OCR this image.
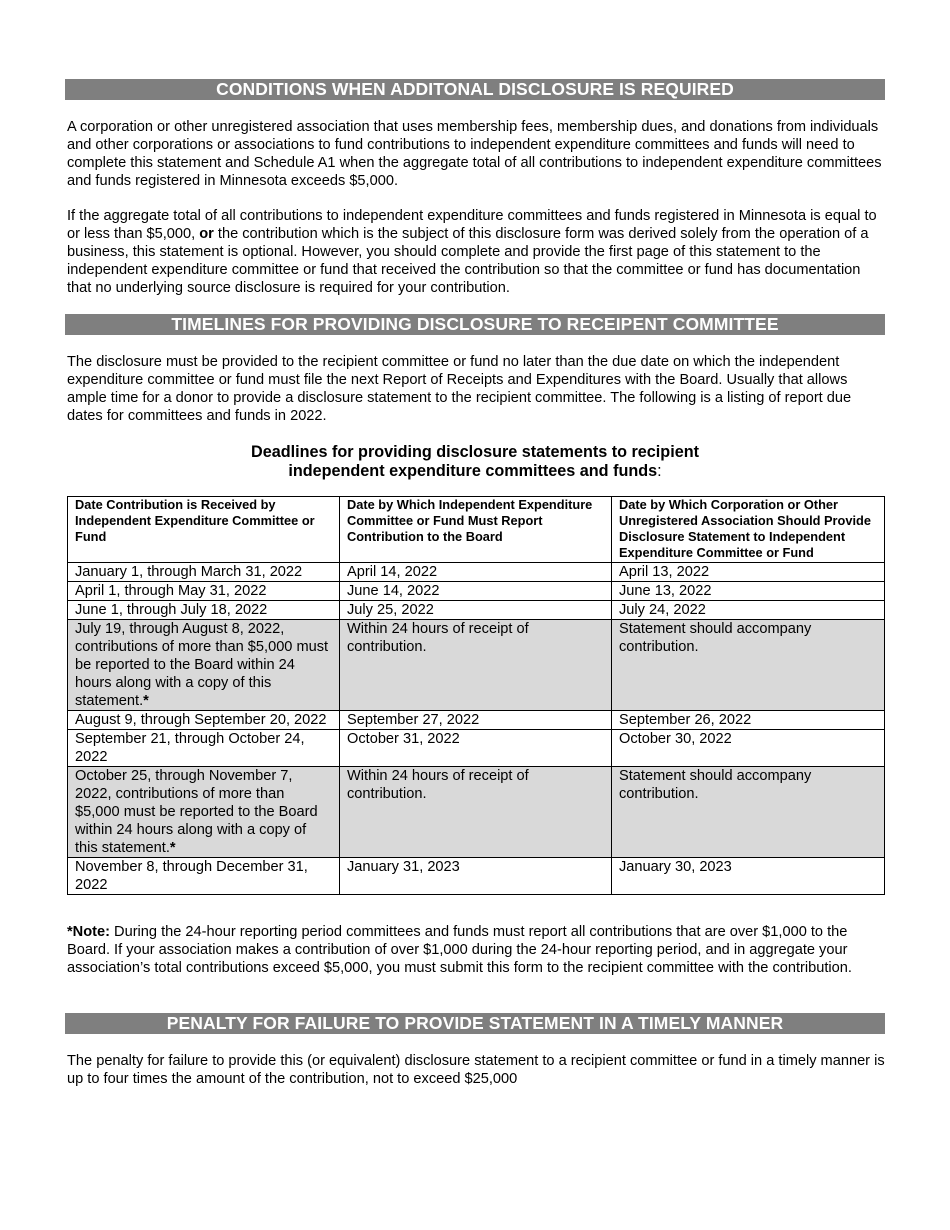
CONDITIONS WHEN ADDITONAL DISCLOSURE IS REQUIRED

A corporation or other unregistered association that uses membership fees, membership dues, and donations from individuals and other corporations or associations to fund contributions to independent expenditure committees and funds will need to complete this statement and Schedule A1 when the aggregate total of all contributions to independent expenditure committees and funds registered in Minnesota exceeds $5,000.

If the aggregate total of all contributions to independent expenditure committees and funds registered in Minnesota is equal to or less than $5,000, or the contribution which is the subject of this disclosure form was derived solely from the operation of a business, this statement is optional. However, you should complete and provide the first page of this statement to the independent expenditure committee or fund that received the contribution so that the committee or fund has documentation that no underlying source disclosure is required for your contribution.

TIMELINES FOR PROVIDING DISCLOSURE TO RECEIPENT COMMITTEE

The disclosure must be provided to the recipient committee or fund no later than the due date on which the independent expenditure committee or fund must file the next Report of Receipts and Expenditures with the Board. Usually that allows ample time for a donor to provide a disclosure statement to the recipient committee. The following is a listing of report due dates for committees and funds in 2022.

Deadlines for providing disclosure statements to recipient
independent expenditure committees and funds:
Date Contribution is Received by Independent Expenditure Committee or Fund	Date by Which Independent Expenditure Committee or Fund Must Report Contribution to the Board	Date by Which Corporation or Other Unregistered Association Should Provide Disclosure Statement to Independent Expenditure Committee or Fund
January 1, through March 31, 2022	April 14, 2022	April 13, 2022
April 1, through May 31, 2022	June 14, 2022	June 13, 2022
June 1, through July 18, 2022	July 25, 2022	July 24, 2022
July 19, through August 8, 2022, contributions of more than $5,000 must be reported to the Board within 24 hours along with a copy of this statement.*	Within 24 hours of receipt of contribution.	Statement should accompany contribution.
August 9, through September 20, 2022	September 27, 2022	September 26, 2022
September 21, through October 24, 2022	October 31, 2022	October 30, 2022
October 25, through November 7, 2022, contributions of more than $5,000 must be reported to the Board within 24 hours along with a copy of this statement.*	Within 24 hours of receipt of contribution.	Statement should accompany contribution.
November 8, through December 31, 2022	January 31, 2023	January 30, 2023

*Note: During the 24-hour reporting period committees and funds must report all contributions that are over $1,000 to the Board. If your association makes a contribution of over $1,000 during the 24-hour reporting period, and in aggregate your association’s total contributions exceed $5,000, you must submit this form to the recipient committee with the contribution.

PENALTY FOR FAILURE TO PROVIDE STATEMENT IN A TIMELY MANNER

The penalty for failure to provide this (or equivalent) disclosure statement to a recipient committee or fund in a timely manner is up to four times the amount of the contribution, not to exceed $25,000
